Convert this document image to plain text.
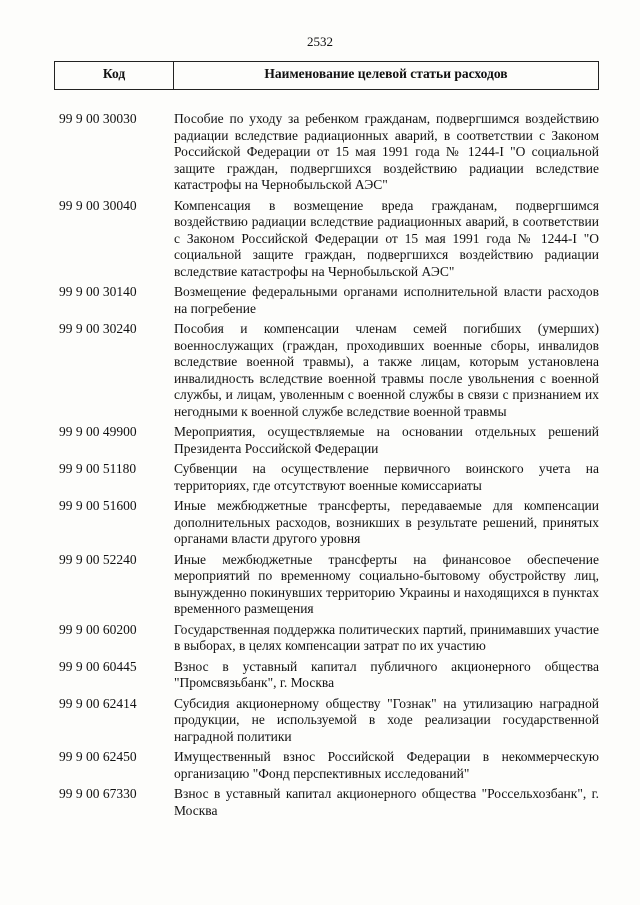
2532
Код	Наименование целевой статьи расходов
99 9 00 30030	Пособие по уходу за ребенком гражданам, подвергшимся воздействию радиации вследствие радиационных аварий, в соответствии с Законом Российской Федерации от 15 мая 1991 года № 1244-I "О социальной защите граждан, подвергшихся воздействию радиации вследствие катастрофы на Чернобыльской АЭС"
99 9 00 30040	Компенсация в возмещение вреда гражданам, подвергшимся воздействию радиации вследствие радиационных аварий, в соответствии с Законом Российской Федерации от 15 мая 1991 года № 1244-I "О социальной защите граждан, подвергшихся воздействию радиации вследствие катастрофы на Чернобыльской АЭС"
99 9 00 30140	Возмещение федеральными органами исполнительной власти расходов на погребение
99 9 00 30240	Пособия и компенсации членам семей погибших (умерших) военнослужащих (граждан, проходивших военные сборы, инвалидов вследствие военной травмы), а также лицам, которым установлена инвалидность вследствие военной травмы после увольнения с военной службы, и лицам, уволенным с военной службы в связи с признанием их негодными к военной службе вследствие военной травмы
99 9 00 49900	Мероприятия, осуществляемые на основании отдельных решений Президента Российской Федерации
99 9 00 51180	Субвенции на осуществление первичного воинского учета на территориях, где отсутствуют военные комиссариаты
99 9 00 51600	Иные межбюджетные трансферты, передаваемые для компенсации дополнительных расходов, возникших в результате решений, принятых органами власти другого уровня
99 9 00 52240	Иные межбюджетные трансферты на финансовое обеспечение мероприятий по временному социально-бытовому обустройству лиц, вынужденно покинувших территорию Украины и находящихся в пунктах временного размещения
99 9 00 60200	Государственная поддержка политических партий, принимавших участие в выборах, в целях компенсации затрат по их участию
99 9 00 60445	Взнос в уставный капитал публичного акционерного общества "Промсвязьбанк", г. Москва
99 9 00 62414	Субсидия акционерному обществу "Гознак" на утилизацию наградной продукции, не используемой в ходе реализации государственной наградной политики
99 9 00 62450	Имущественный взнос Российской Федерации в некоммерческую организацию "Фонд перспективных исследований"
99 9 00 67330	Взнос в уставный капитал акционерного общества "Россельхозбанк", г. Москва
